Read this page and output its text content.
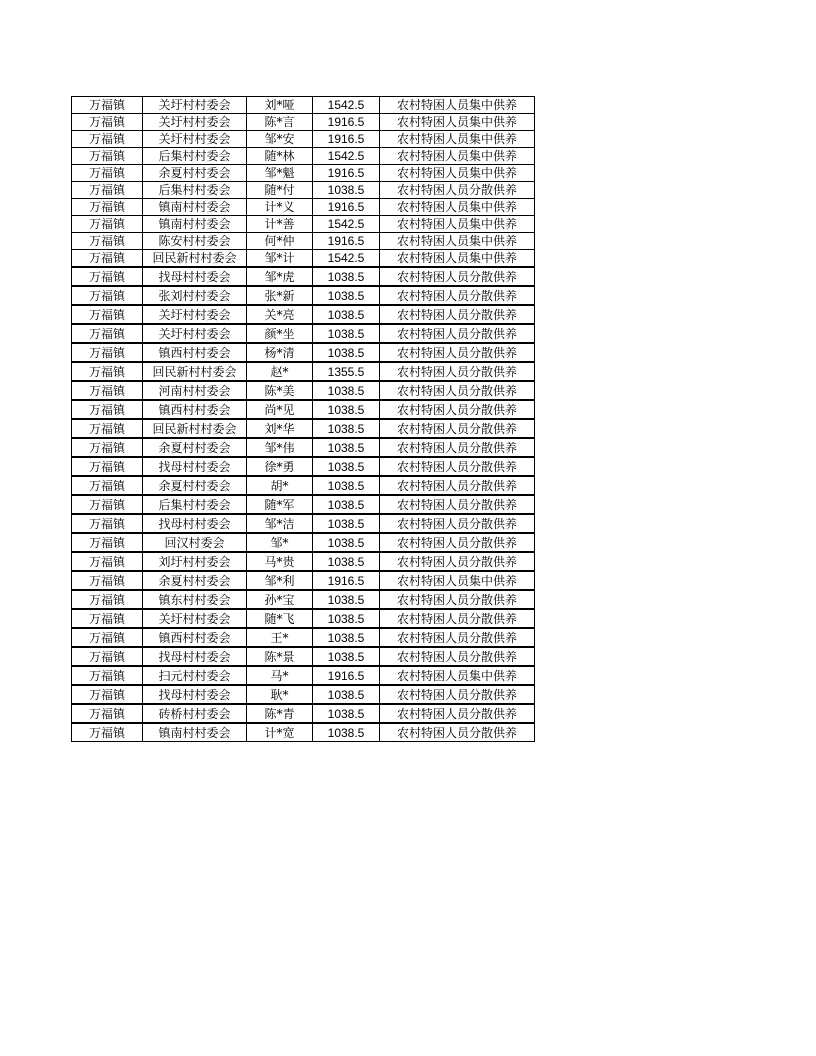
万福镇	关圩村村委会	刘*哑	1542.5	农村特困人员集中供养
万福镇	关圩村村委会	陈*言	1916.5	农村特困人员集中供养
万福镇	关圩村村委会	邹*安	1916.5	农村特困人员集中供养
万福镇	后集村村委会	随*林	1542.5	农村特困人员集中供养
万福镇	余夏村村委会	邹*魁	1916.5	农村特困人员集中供养
万福镇	后集村村委会	随*付	1038.5	农村特困人员分散供养
万福镇	镇南村村委会	计*义	1916.5	农村特困人员集中供养
万福镇	镇南村村委会	计*善	1542.5	农村特困人员集中供养
万福镇	陈安村村委会	何*仲	1916.5	农村特困人员集中供养
万福镇	回民新村村委会	邹*计	1542.5	农村特困人员集中供养
万福镇	找母村村委会	邹*虎	1038.5	农村特困人员分散供养
万福镇	张刘村村委会	张*新	1038.5	农村特困人员分散供养
万福镇	关圩村村委会	关*亮	1038.5	农村特困人员分散供养
万福镇	关圩村村委会	颜*坐	1038.5	农村特困人员分散供养
万福镇	镇西村村委会	杨*清	1038.5	农村特困人员分散供养
万福镇	回民新村村委会	赵*	1355.5	农村特困人员分散供养
万福镇	河南村村委会	陈*美	1038.5	农村特困人员分散供养
万福镇	镇西村村委会	尚*见	1038.5	农村特困人员分散供养
万福镇	回民新村村委会	刘*华	1038.5	农村特困人员分散供养
万福镇	余夏村村委会	邹*伟	1038.5	农村特困人员分散供养
万福镇	找母村村委会	徐*勇	1038.5	农村特困人员分散供养
万福镇	余夏村村委会	胡*	1038.5	农村特困人员分散供养
万福镇	后集村村委会	随*军	1038.5	农村特困人员分散供养
万福镇	找母村村委会	邹*洁	1038.5	农村特困人员分散供养
万福镇	回汉村委会	邹*	1038.5	农村特困人员分散供养
万福镇	刘圩村村委会	马*贵	1038.5	农村特困人员分散供养
万福镇	余夏村村委会	邹*利	1916.5	农村特困人员集中供养
万福镇	镇东村村委会	孙*宝	1038.5	农村特困人员分散供养
万福镇	关圩村村委会	随*飞	1038.5	农村特困人员分散供养
万福镇	镇西村村委会	王*	1038.5	农村特困人员分散供养
万福镇	找母村村委会	陈*景	1038.5	农村特困人员分散供养
万福镇	扫元村村委会	马*	1916.5	农村特困人员集中供养
万福镇	找母村村委会	耿*	1038.5	农村特困人员分散供养
万福镇	砖桥村村委会	陈*青	1038.5	农村特困人员分散供养
万福镇	镇南村村委会	计*宽	1038.5	农村特困人员分散供养
